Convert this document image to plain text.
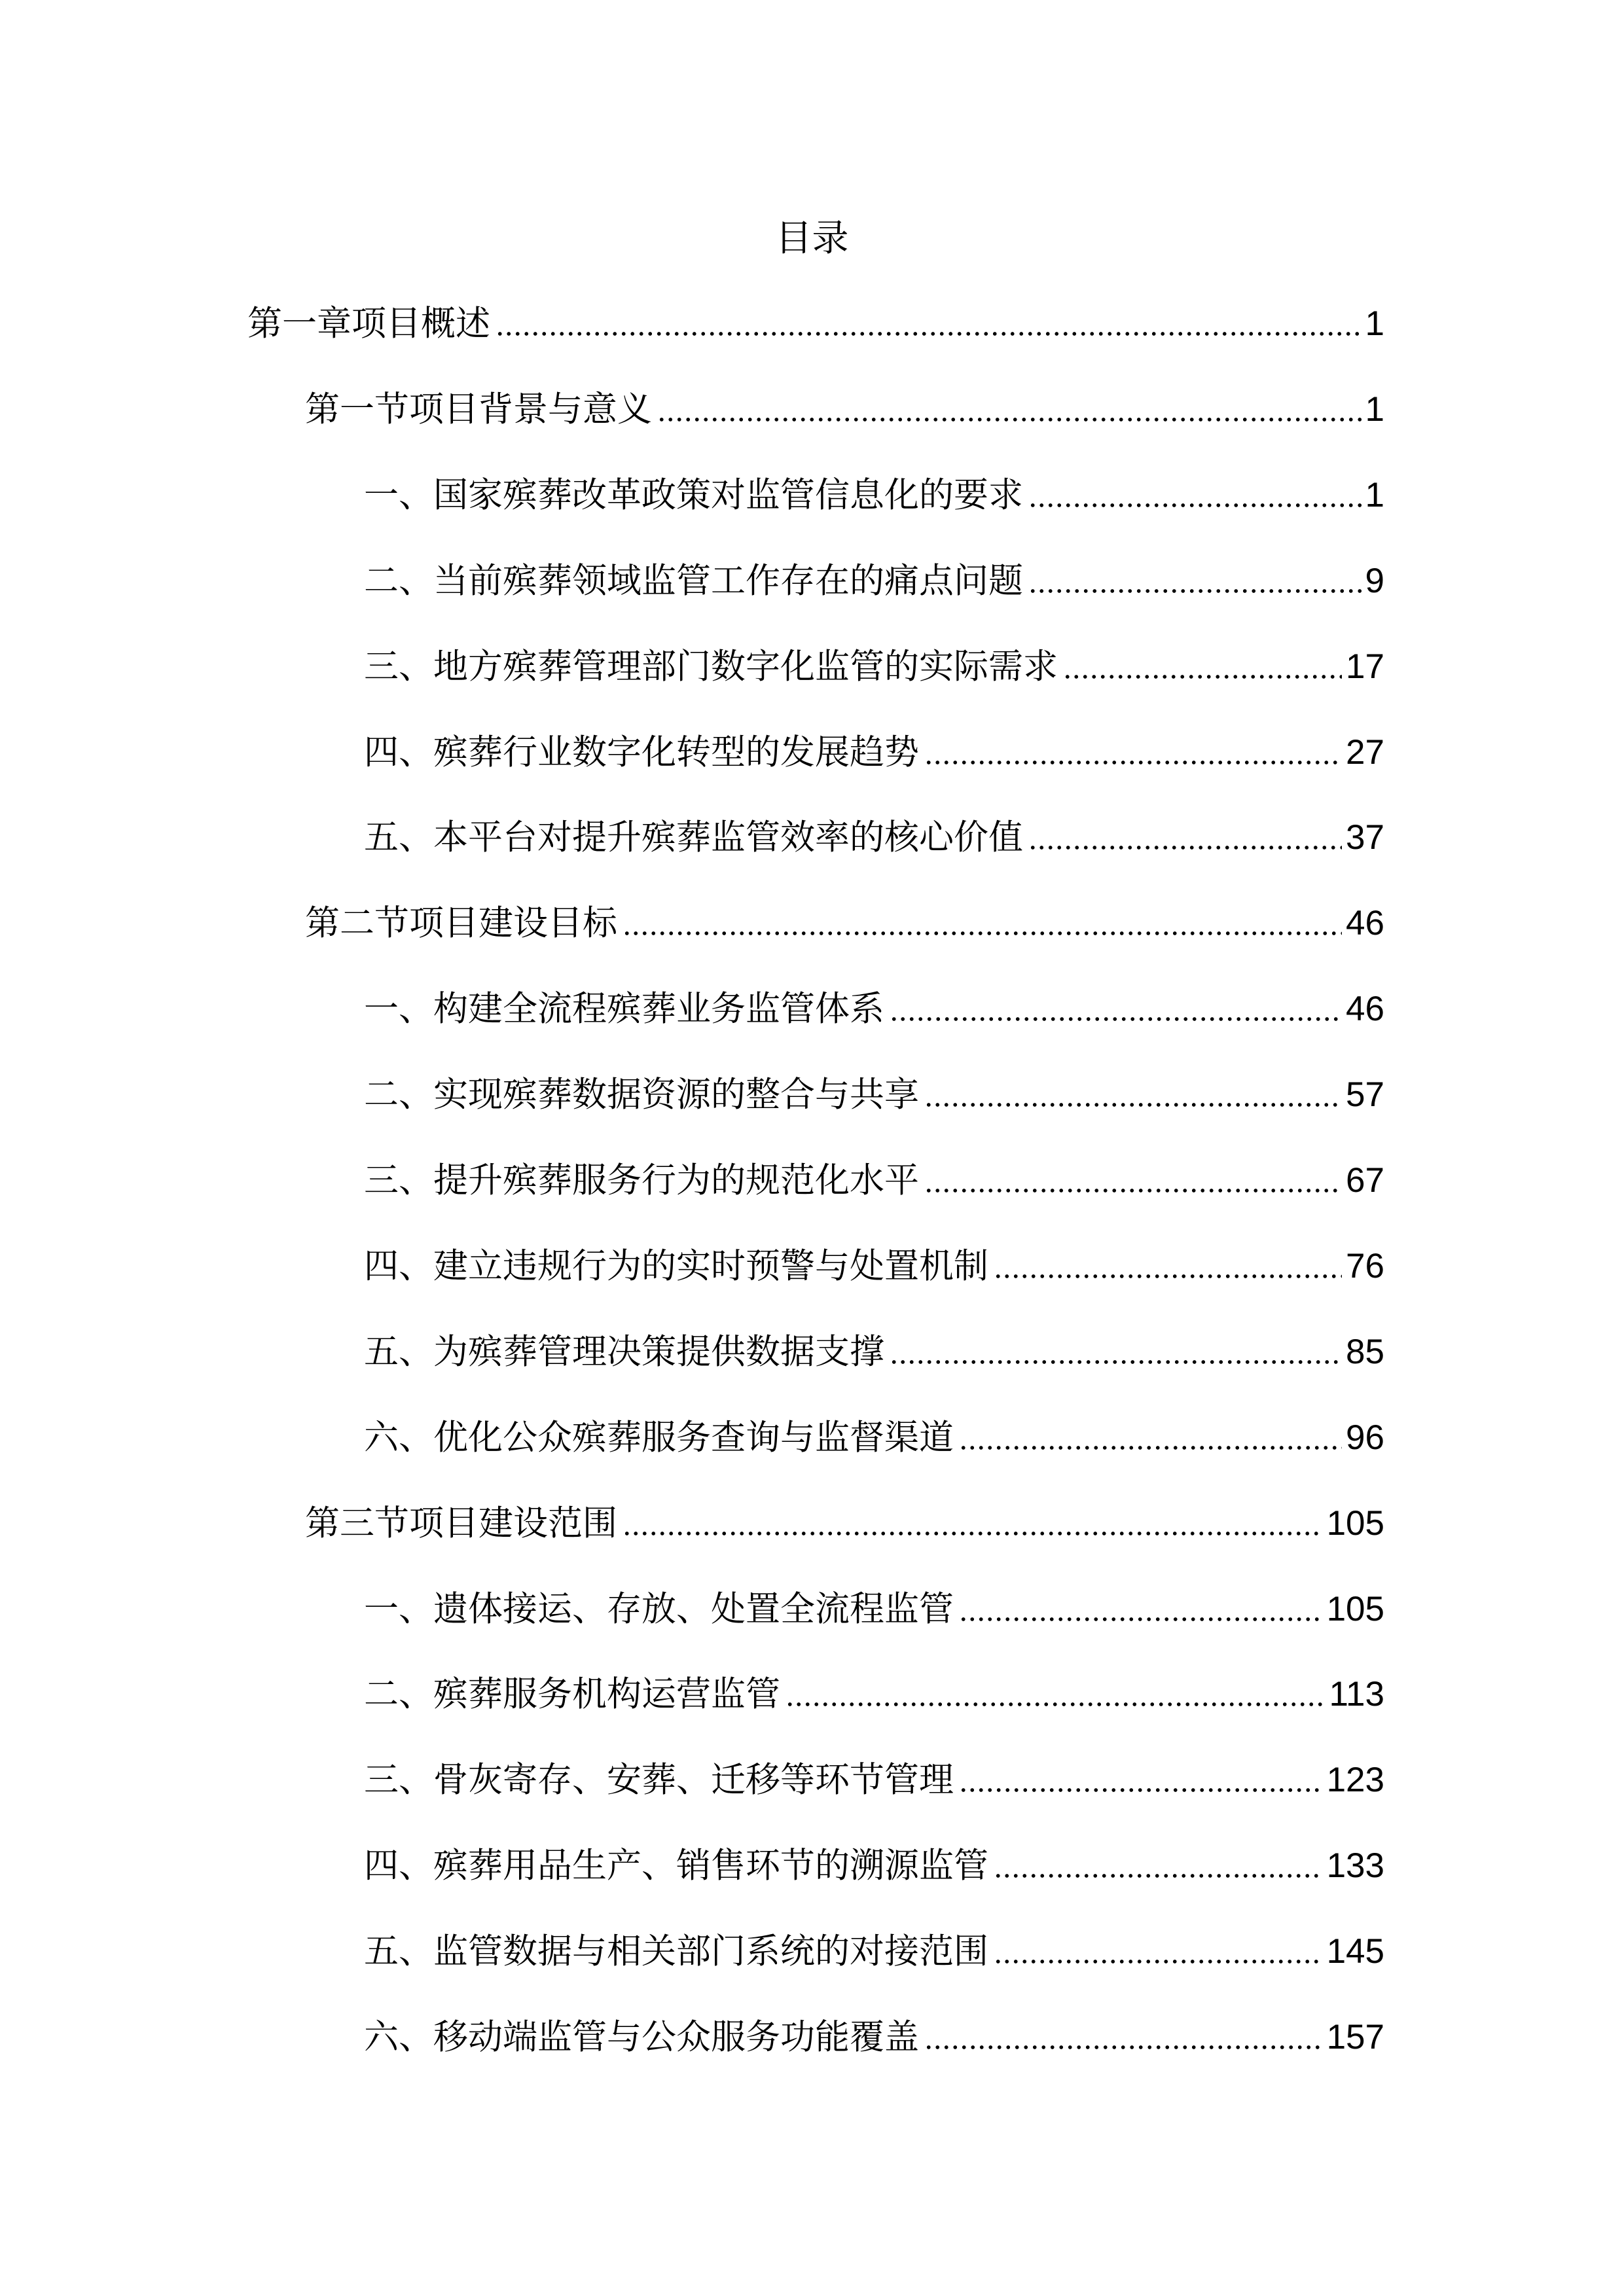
目录
第一章项目概述	1
第一节项目背景与意义	1
一、国家殡葬改革政策对监管信息化的要求	1
二、当前殡葬领域监管工作存在的痛点问题	9
三、地方殡葬管理部门数字化监管的实际需求	17
四、殡葬行业数字化转型的发展趋势	27
五、本平台对提升殡葬监管效率的核心价值	37
第二节项目建设目标	46
一、构建全流程殡葬业务监管体系	46
二、实现殡葬数据资源的整合与共享	57
三、提升殡葬服务行为的规范化水平	67
四、建立违规行为的实时预警与处置机制	76
五、为殡葬管理决策提供数据支撑	85
六、优化公众殡葬服务查询与监督渠道	96
第三节项目建设范围	105
一、遗体接运、存放、处置全流程监管	105
二、殡葬服务机构运营监管	113
三、骨灰寄存、安葬、迁移等环节管理	123
四、殡葬用品生产、销售环节的溯源监管	133
五、监管数据与相关部门系统的对接范围	145
六、移动端监管与公众服务功能覆盖	157
